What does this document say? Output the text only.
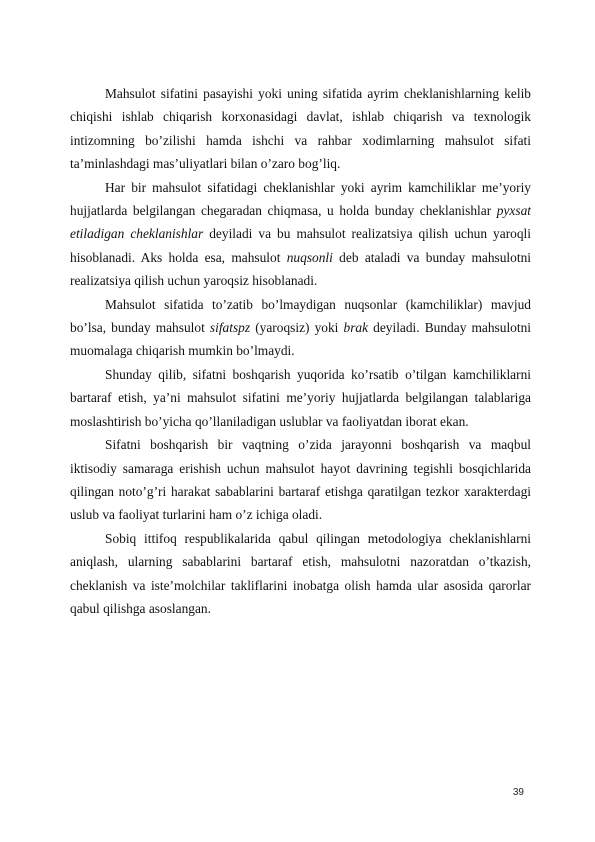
Mahsulot sifatini pasayishi yoki uning sifatida ayrim cheklanishlarning kelib chiqishi ishlab chiqarish korxonasidagi davlat, ishlab chiqarish va texnologik intizomning bo’zilishi hamda ishchi va rahbar xodimlarning mahsulot sifati ta’minlashdagi mas’uliyatlari bilan o’zaro bog’liq.

Har bir mahsulot sifatidagi cheklanishlar yoki ayrim kamchiliklar me’yoriy hujjatlarda belgilangan chegaradan chiqmasa, u holda bunday cheklanishlar pyxsat etiladigan cheklanishlar deyiladi va bu mahsulot realizatsiya qilish uchun yaroqli hisoblanadi. Aks holda esa, mahsulot nuqsonli deb ataladi va bunday mahsulotni realizatsiya qilish uchun yaroqsiz hisoblanadi.

Mahsulot sifatida to’zatib bo’lmaydigan nuqsonlar (kamchiliklar) mavjud bo’lsa, bunday mahsulot sifatspz (yaroqsiz) yoki brak deyiladi. Bunday mahsulotni muomalaga chiqarish mumkin bo’lmaydi.

Shunday qilib, sifatni boshqarish yuqorida ko’rsatib o’tilgan kamchiliklarni bartaraf etish, ya’ni mahsulot sifatini me’yoriy hujjatlarda belgilangan talablariga moslashtirish bo’yicha qo’llaniladigan uslublar va faoliyatdan iborat ekan.

Sifatni boshqarish bir vaqtning o’zida jarayonni boshqarish va maqbul iktisodiy samaraga erishish uchun mahsulot hayot davrining tegishli bosqichlarida qilingan noto’g’ri harakat sabablarini bartaraf etishga qaratilgan tezkor xarakterdagi uslub va faoliyat turlarini ham o’z ichiga oladi.

Sobiq ittifoq respublikalarida qabul qilingan metodologiya cheklanishlarni aniqlash, ularning sabablarini bartaraf etish, mahsulotni nazoratdan o’tkazish, cheklanish va iste’molchilar takliflarini inobatga olish hamda ular asosida qarorlar qabul qilishga asoslangan.

39
